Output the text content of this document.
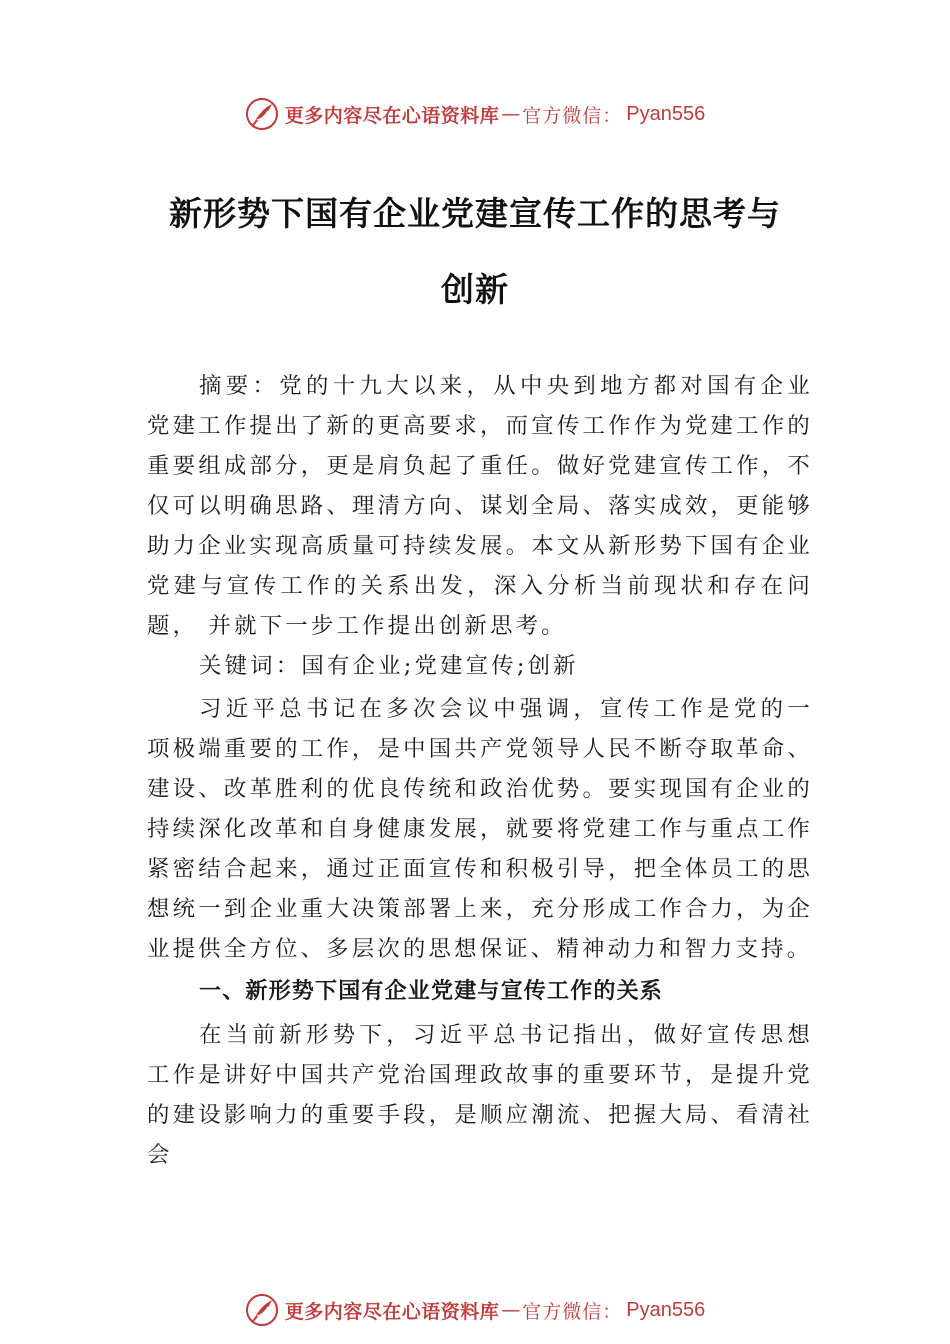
更多内容尽在心语资料库 — 官方微信： Pyan556
新形势下国有企业党建宣传工作的思考与
创新

摘要：党的十九大以来，从中央到地方都对国有企业党建工作提出了新的更高要求，而宣传工作作为党建工作的重要组成部分，更是肩负起了重任。做好党建宣传工作，不仅可以明确思路、理清方向、谋划全局、落实成效，更能够助力企业实现高质量可持续发展。本文从新形势下国有企业党建与宣传工作的关系出发，深入分析当前现状和存在问题， 并就下一步工作提出创新思考。

关键词：国有企业;党建宣传;创新

习近平总书记在多次会议中强调，宣传工作是党的一项极端重要的工作，是中国共产党领导人民不断夺取革命、建设、改革胜利的优良传统和政治优势。要实现国有企业的持续深化改革和自身健康发展，就要将党建工作与重点工作紧密结合起来，通过正面宣传和积极引导，把全体员工的思想统一到企业重大决策部署上来，充分形成工作合力，为企业提供全方位、多层次的思想保证、精神动力和智力支持。

一、新形势下国有企业党建与宣传工作的关系

在当前新形势下，习近平总书记指出，做好宣传思想工作是讲好中国共产党治国理政故事的重要环节，是提升党的建设影响力的重要手段，是顺应潮流、把握大局、看清社会

更多内容尽在心语资料库 — 官方微信： Pyan556
